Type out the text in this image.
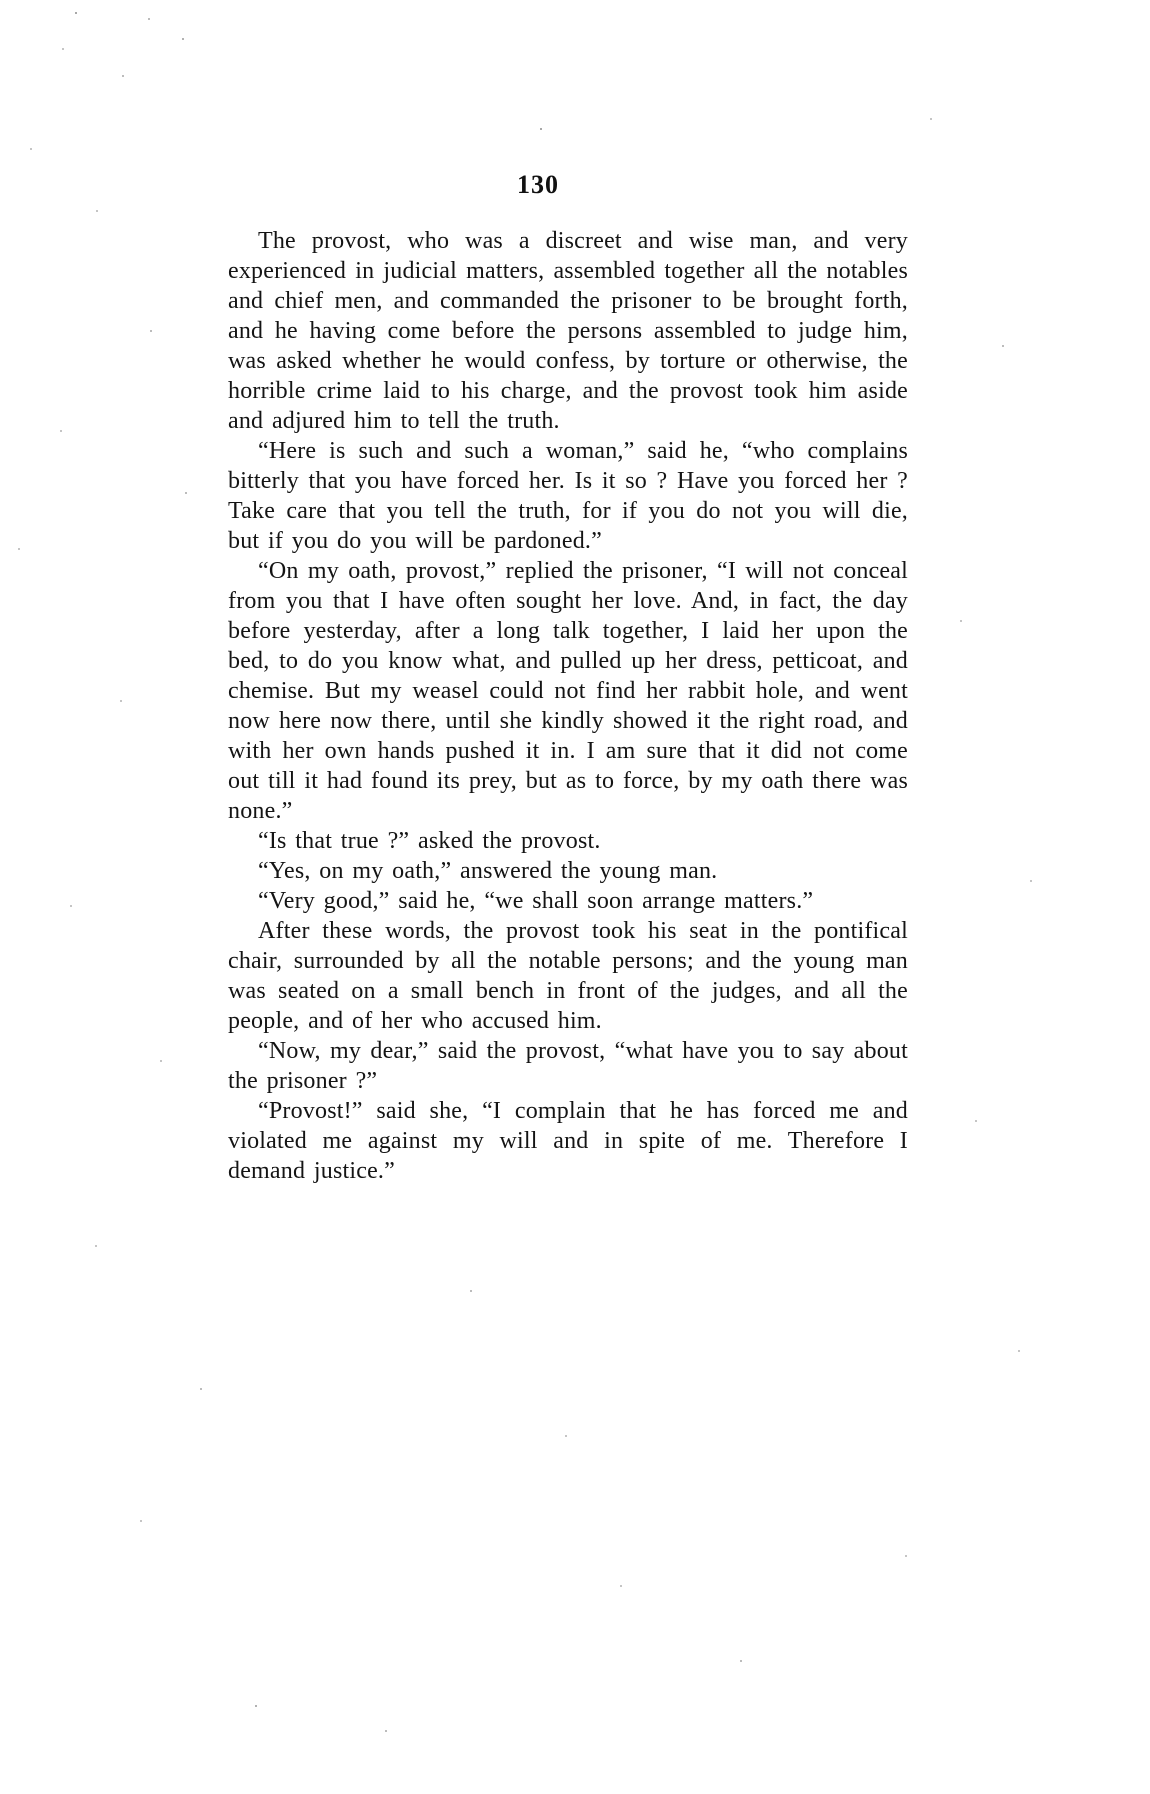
130

The provost, who was a discreet and wise man, and very experienced in judicial matters, assembled together all the notables and chief men, and commanded the prisoner to be brought forth, and he having come before the persons assembled to judge him, was asked whether he would confess, by torture or otherwise, the horrible crime laid to his charge, and the provost took him aside and adjured him to tell the truth.

“Here is such and such a woman,” said he, “who complains bitterly that you have forced her. Is it so ? Have you forced her ? Take care that you tell the truth, for if you do not you will die, but if you do you will be pardoned.”

“On my oath, provost,” replied the prisoner, “I will not conceal from you that I have often sought her love. And, in fact, the day before yesterday, after a long talk together, I laid her upon the bed, to do you know what, and pulled up her dress, petticoat, and chemise. But my weasel could not find her rabbit hole, and went now here now there, until she kindly showed it the right road, and with her own hands pushed it in. I am sure that it did not come out till it had found its prey, but as to force, by my oath there was none.”

“Is that true ?” asked the provost.

“Yes, on my oath,” answered the young man.

“Very good,” said he, “we shall soon arrange matters.”

After these words, the provost took his seat in the pontifical chair, surrounded by all the notable persons; and the young man was seated on a small bench in front of the judges, and all the people, and of her who accused him.

“Now, my dear,” said the provost, “what have you to say about the prisoner ?”

“Provost!” said she, “I complain that he has forced me and violated me against my will and in spite of me. Therefore I demand justice.”
